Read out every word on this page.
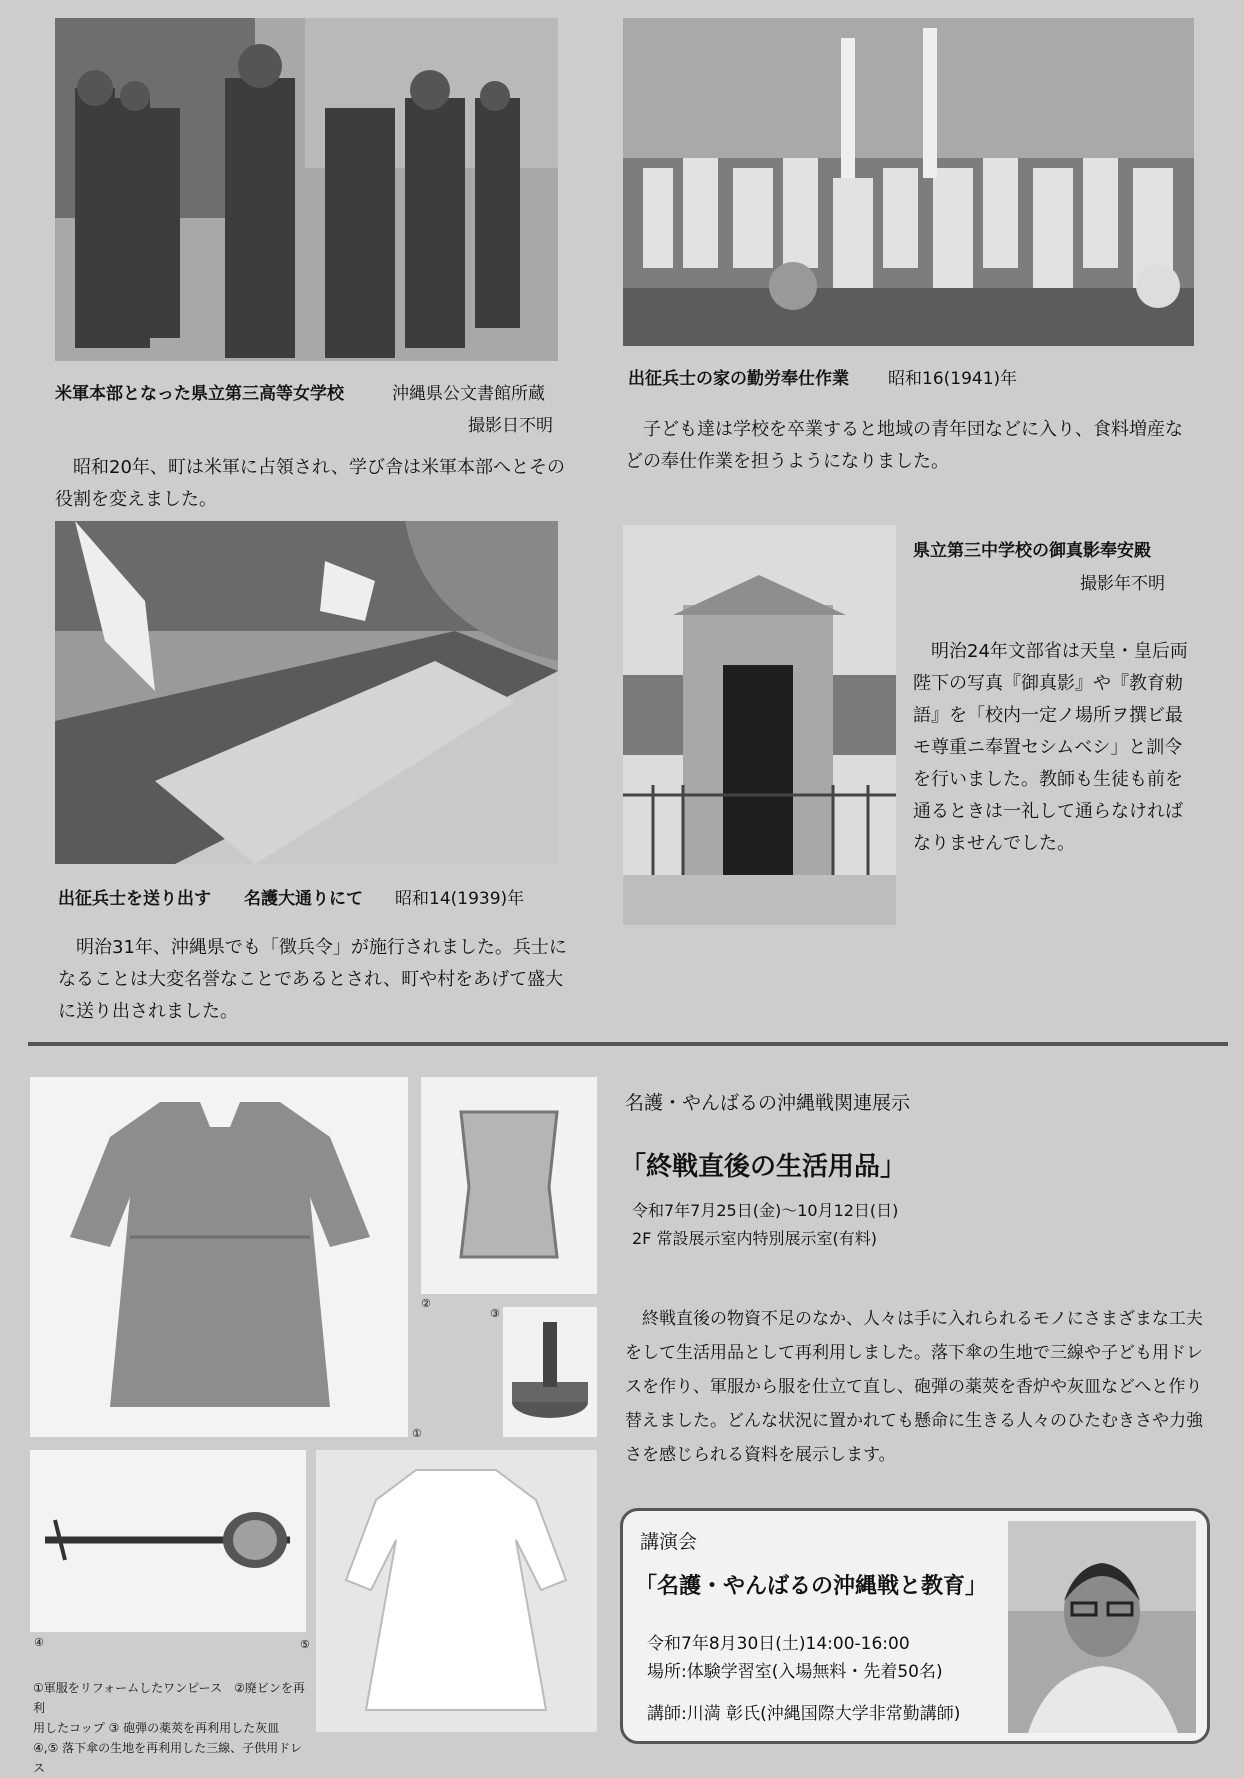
米軍本部となった県立第三高等女学校	沖縄県公文書館所蔵
撮影日不明
昭和20年、町は米軍に占領され、学び舎は米軍本部へとその役割を変えました。
出征兵士の家の勤労奉仕作業 昭和16(1941)年
子ども達は学校を卒業すると地域の青年団などに入り、食料増産などの奉仕作業を担うようになりました。
出征兵士を送り出す 名護大通りにて 昭和14(1939)年
明治31年、沖縄県でも「徴兵令」が施行されました。兵士になることは大変名誉なことであるとされ、町や村をあげて盛大に送り出されました。
県立第三中学校の御真影奉安殿
撮影年不明
明治24年文部省は天皇・皇后両陛下の写真『御真影』や『教育勅語』を「校内一定ノ場所ヲ撰ビ最モ尊重ニ奉置セシムベシ」と訓令を行いました。教師も生徒も前を通るときは一礼して通らなければなりませんでした。
①
②
③
④	⑤
①軍服をリフォームしたワンピース　②廃ビンを再利
用したコップ ③ 砲弾の薬莢を再利用した灰皿
④,⑤ 落下傘の生地を再利用した三線、子供用ドレス
名護・やんばるの沖縄戦関連展示
「終戦直後の生活用品」
令和7年7月25日(金)〜10月12日(日)
2F 常設展示室内特別展示室(有料)
終戦直後の物資不足のなか、人々は手に入れられるモノにさまざまな工夫をして生活用品として再利用しました。落下傘の生地で三線や子ども用ドレスを作り、軍服から服を仕立て直し、砲弾の薬莢を香炉や灰皿などへと作り替えました。どんな状況に置かれても懸命に生きる人々のひたむきさや力強さを感じられる資料を展示します。
講演会
「名護・やんばるの沖縄戦と教育」
令和7年8月30日(土)14:00-16:00
場所:体験学習室(入場無料・先着50名)
講師:川満 彰氏(沖縄国際大学非常勤講師)
